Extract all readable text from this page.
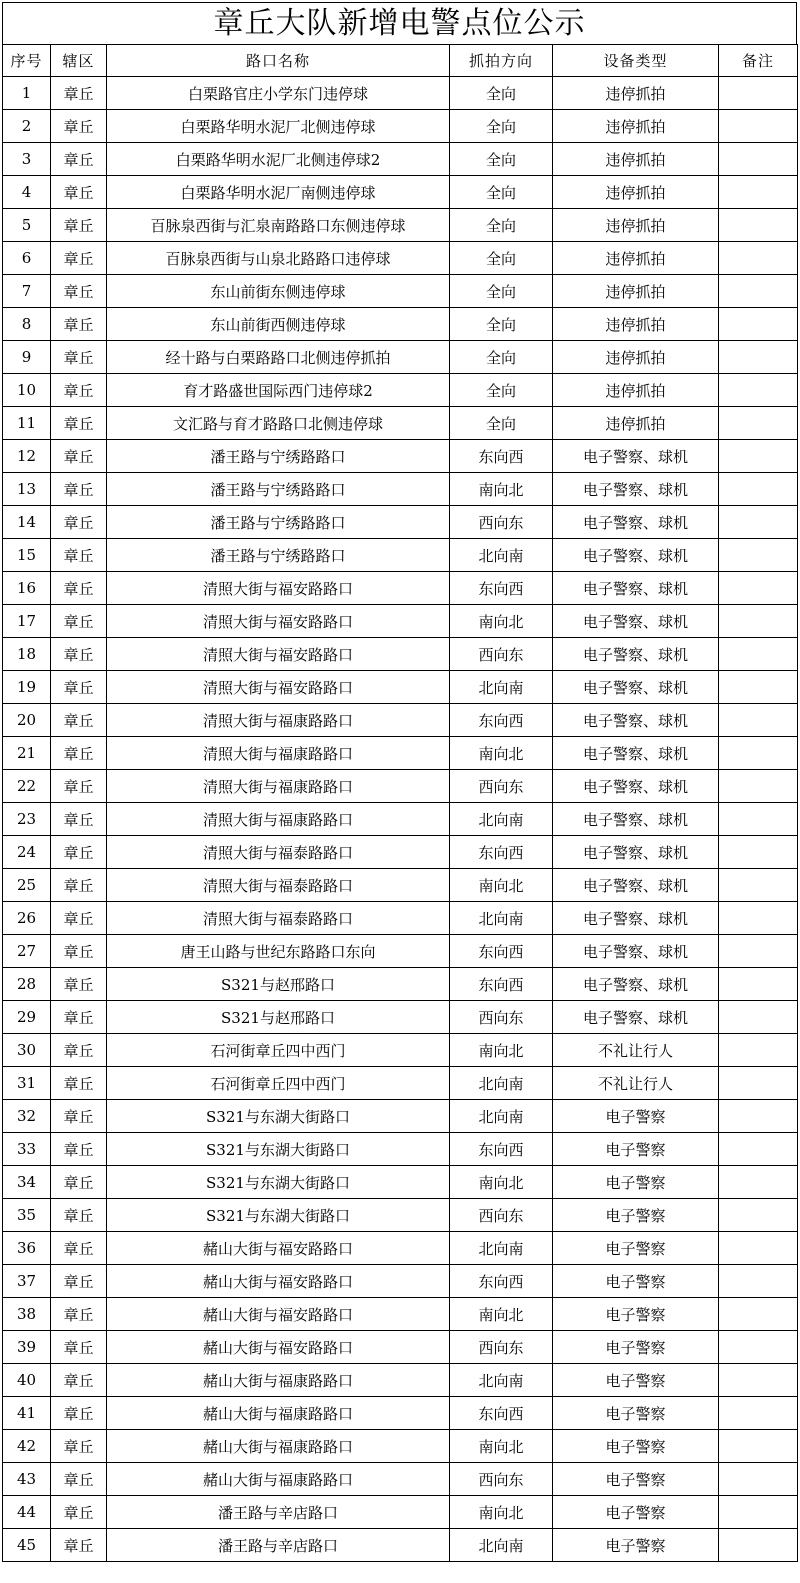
章丘大队新增电警点位公示
序号	辖区	路口名称	抓拍方向	设备类型	备注
1	章丘	白栗路官庄小学东门违停球	全向	违停抓拍	
2	章丘	白栗路华明水泥厂北侧违停球	全向	违停抓拍	
3	章丘	白栗路华明水泥厂北侧违停球2	全向	违停抓拍	
4	章丘	白栗路华明水泥厂南侧违停球	全向	违停抓拍	
5	章丘	百脉泉西街与汇泉南路路口东侧违停球	全向	违停抓拍	
6	章丘	百脉泉西街与山泉北路路口违停球	全向	违停抓拍	
7	章丘	东山前街东侧违停球	全向	违停抓拍	
8	章丘	东山前街西侧违停球	全向	违停抓拍	
9	章丘	经十路与白栗路路口北侧违停抓拍	全向	违停抓拍	
10	章丘	育才路盛世国际西门违停球2	全向	违停抓拍	
11	章丘	文汇路与育才路路口北侧违停球	全向	违停抓拍	
12	章丘	潘王路与宁绣路路口	东向西	电子警察、球机	
13	章丘	潘王路与宁绣路路口	南向北	电子警察、球机	
14	章丘	潘王路与宁绣路路口	西向东	电子警察、球机	
15	章丘	潘王路与宁绣路路口	北向南	电子警察、球机	
16	章丘	清照大街与福安路路口	东向西	电子警察、球机	
17	章丘	清照大街与福安路路口	南向北	电子警察、球机	
18	章丘	清照大街与福安路路口	西向东	电子警察、球机	
19	章丘	清照大街与福安路路口	北向南	电子警察、球机	
20	章丘	清照大街与福康路路口	东向西	电子警察、球机	
21	章丘	清照大街与福康路路口	南向北	电子警察、球机	
22	章丘	清照大街与福康路路口	西向东	电子警察、球机	
23	章丘	清照大街与福康路路口	北向南	电子警察、球机	
24	章丘	清照大街与福泰路路口	东向西	电子警察、球机	
25	章丘	清照大街与福泰路路口	南向北	电子警察、球机	
26	章丘	清照大街与福泰路路口	北向南	电子警察、球机	
27	章丘	唐王山路与世纪东路路口东向	东向西	电子警察、球机	
28	章丘	S321与赵邢路口	东向西	电子警察、球机	
29	章丘	S321与赵邢路口	西向东	电子警察、球机	
30	章丘	石河街章丘四中西门	南向北	不礼让行人	
31	章丘	石河街章丘四中西门	北向南	不礼让行人	
32	章丘	S321与东湖大街路口	北向南	电子警察	
33	章丘	S321与东湖大街路口	东向西	电子警察	
34	章丘	S321与东湖大街路口	南向北	电子警察	
35	章丘	S321与东湖大街路口	西向东	电子警察	
36	章丘	赭山大街与福安路路口	北向南	电子警察	
37	章丘	赭山大街与福安路路口	东向西	电子警察	
38	章丘	赭山大街与福安路路口	南向北	电子警察	
39	章丘	赭山大街与福安路路口	西向东	电子警察	
40	章丘	赭山大街与福康路路口	北向南	电子警察	
41	章丘	赭山大街与福康路路口	东向西	电子警察	
42	章丘	赭山大街与福康路路口	南向北	电子警察	
43	章丘	赭山大街与福康路路口	西向东	电子警察	
44	章丘	潘王路与辛店路口	南向北	电子警察	
45	章丘	潘王路与辛店路口	北向南	电子警察	
